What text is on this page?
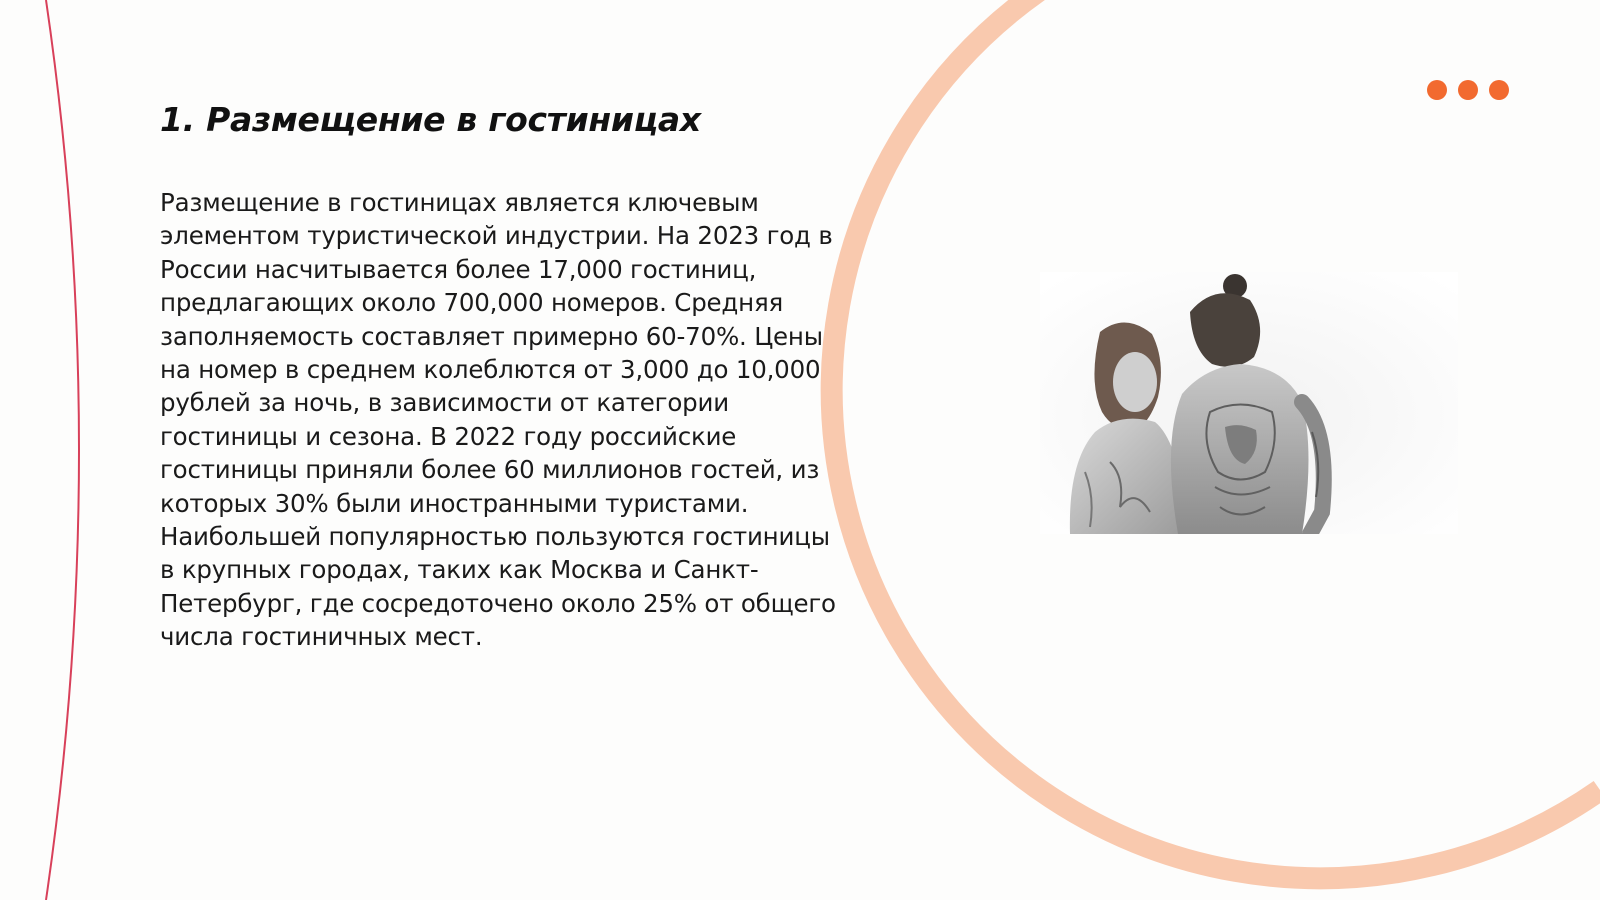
1. Размещение в гостиницах

Размещение в гостиницах является ключевым элементом туристической индустрии. На 2023 год в России насчитывается более 17,000 гостиниц, предлагающих около 700,000 номеров. Средняя заполняемость составляет примерно 60-70%. Цены на номер в среднем колеблются от 3,000 до 10,000 рублей за ночь, в зависимости от категории гостиницы и сезона. В 2022 году российские гостиницы приняли более 60 миллионов гостей, из которых 30% были иностранными туристами. Наибольшей популярностью пользуются гостиницы в крупных городах, таких как Москва и Санкт-Петербург, где сосредоточено около 25% от общего числа гостиничных мест.
